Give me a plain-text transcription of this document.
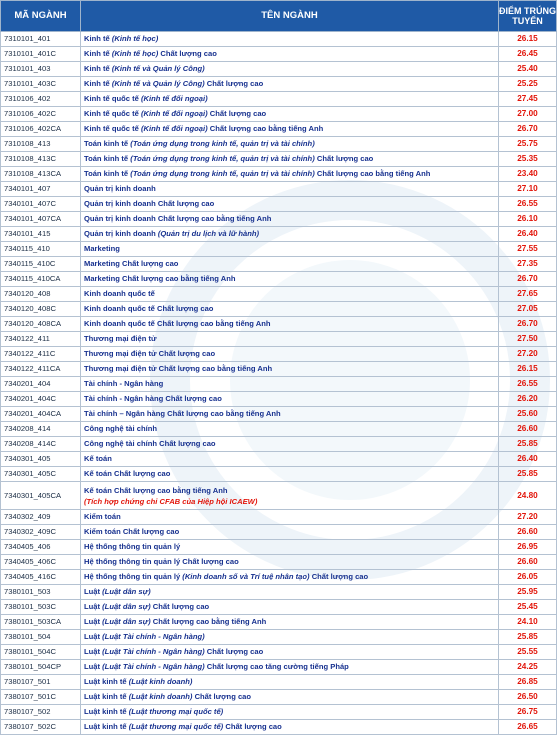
MÃ NGÀNH	TÊN NGÀNH	ĐIỂM TRÚNG
TUYỂN
7310101_401	Kinh tế (Kinh tế học)	26.15
7310101_401C	Kinh tế (Kinh tế học) Chất lượng cao	26.45
7310101_403	Kinh tế (Kinh tế và Quản lý Công)	25.40
7310101_403C	Kinh tế (Kinh tế và Quản lý Công) Chất lượng cao	25.25
7310106_402	Kinh tế quốc tế (Kinh tế đối ngoại)	27.45
7310106_402C	Kinh tế quốc tế (Kinh tế đối ngoại) Chất lượng cao	27.00
7310106_402CA	Kinh tế quốc tế (Kinh tế đối ngoại) Chất lượng cao bằng tiếng Anh	26.70
7310108_413	Toán kinh tế (Toán ứng dụng trong kinh tế, quản trị và tài chính)	25.75
7310108_413C	Toán kinh tế (Toán ứng dụng trong kinh tế, quản trị và tài chính) Chất lượng cao	25.35
7310108_413CA	Toán kinh tế (Toán ứng dụng trong kinh tế, quản trị và tài chính) Chất lượng cao bằng tiếng Anh	23.40
7340101_407	Quản trị kinh doanh	27.10
7340101_407C	Quản trị kinh doanh Chất lượng cao	26.55
7340101_407CA	Quản trị kinh doanh Chất lượng cao bằng tiếng Anh	26.10
7340101_415	Quản trị kinh doanh (Quản trị du lịch và lữ hành)	26.40
7340115_410	Marketing	27.55
7340115_410C	Marketing Chất lượng cao	27.35
7340115_410CA	Marketing Chất lượng cao bằng tiếng Anh	26.70
7340120_408	Kinh doanh quốc tế	27.65
7340120_408C	Kinh doanh quốc tế Chất lượng cao	27.05
7340120_408CA	Kinh doanh quốc tế Chất lượng cao bằng tiếng Anh	26.70
7340122_411	Thương mại điện tử	27.50
7340122_411C	Thương mại điện tử Chất lượng cao	27.20
7340122_411CA	Thương mại điện tử Chất lượng cao bằng tiếng Anh	26.15
7340201_404	Tài chính - Ngân hàng	26.55
7340201_404C	Tài chính - Ngân hàng Chất lượng cao	26.20
7340201_404CA	Tài chính – Ngân hàng Chất lượng cao bằng tiếng Anh	25.60
7340208_414	Công nghệ tài chính	26.60
7340208_414C	Công nghệ tài chính Chất lượng cao	25.85
7340301_405	Kế toán	26.40
7340301_405C	Kế toán Chất lượng cao	25.85
7340301_405CA	Kế toán Chất lượng cao bằng tiếng Anh
(Tích hợp chứng chỉ CFAB của Hiệp hội ICAEW)	24.80
7340302_409	Kiểm toán	27.20
7340302_409C	Kiểm toán Chất lượng cao	26.60
7340405_406	Hệ thống thông tin quản lý	26.95
7340405_406C	Hệ thống thông tin quản lý Chất lượng cao	26.60
7340405_416C	Hệ thống thông tin quản lý (Kinh doanh số và Trí tuệ nhân tạo) Chất lượng cao	26.05
7380101_503	Luật (Luật dân sự)	25.95
7380101_503C	Luật (Luật dân sự) Chất lượng cao	25.45
7380101_503CA	Luật (Luật dân sự) Chất lượng cao bằng tiếng Anh	24.10
7380101_504	Luật (Luật Tài chính - Ngân hàng)	25.85
7380101_504C	Luật (Luật Tài chính - Ngân hàng) Chất lượng cao	25.55
7380101_504CP	Luật (Luật Tài chính - Ngân hàng) Chất lượng cao tăng cường tiếng Pháp	24.25
7380107_501	Luật kinh tế (Luật kinh doanh)	26.85
7380107_501C	Luật kinh tế (Luật kinh doanh) Chất lượng cao	26.50
7380107_502	Luật kinh tế (Luật thương mại quốc tế)	26.75
7380107_502C	Luật kinh tế (Luật thương mại quốc tế) Chất lượng cao	26.65
